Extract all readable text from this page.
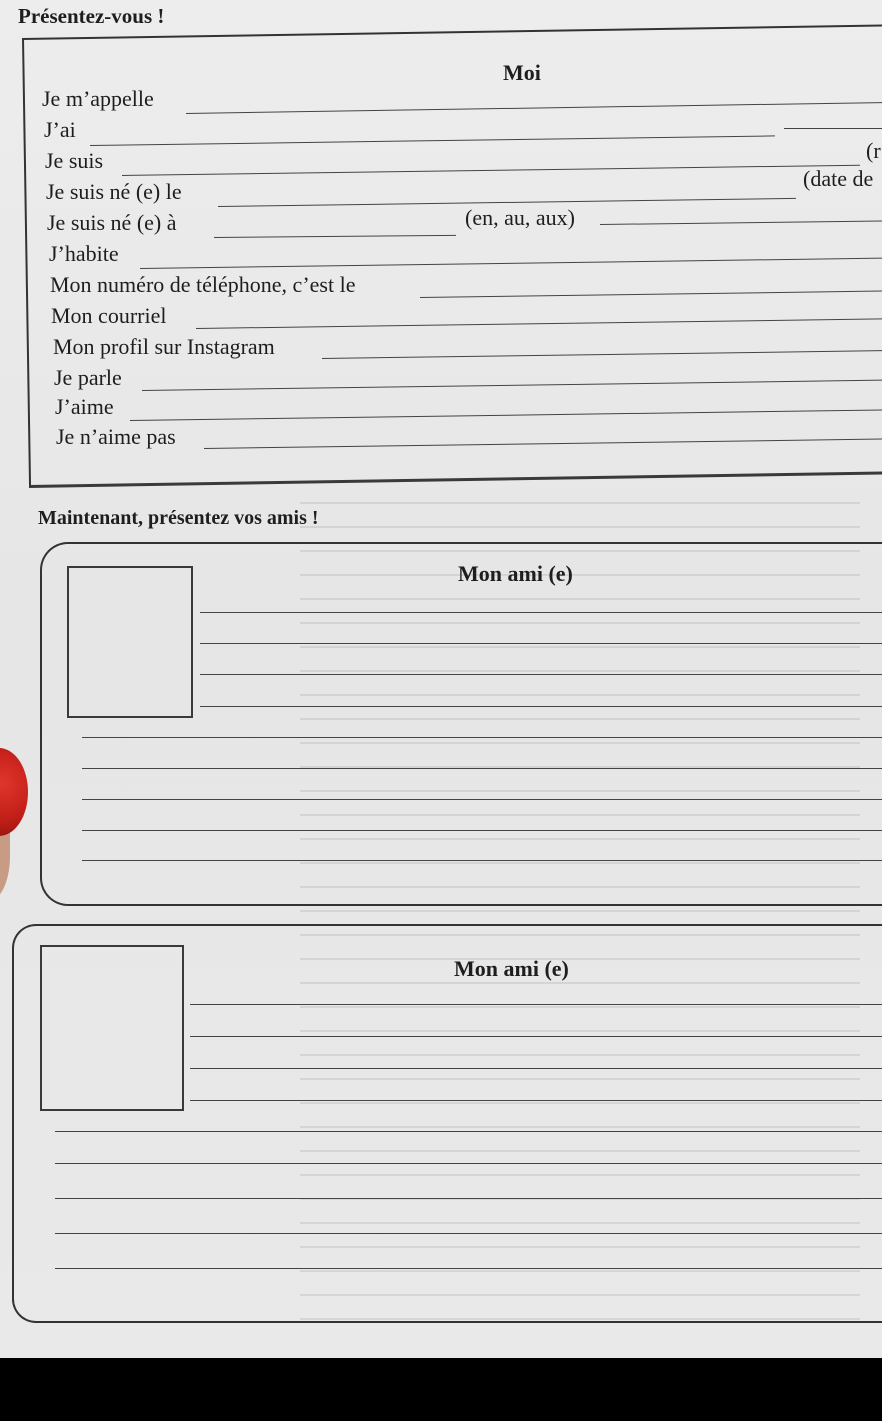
Présentez-vous !
Moi
Je m’appelle
J’ai
Je suis
Je suis né (e) le
Je suis né (e) à
J’habite
Mon numéro de téléphone, c’est le
Mon courriel
Mon profil sur Instagram
Je parle
J’aime
Je n’aime pas
(r
(date de
(en, au, aux)
Maintenant, présentez vos amis !
Mon ami (e)
Mon ami (e)
